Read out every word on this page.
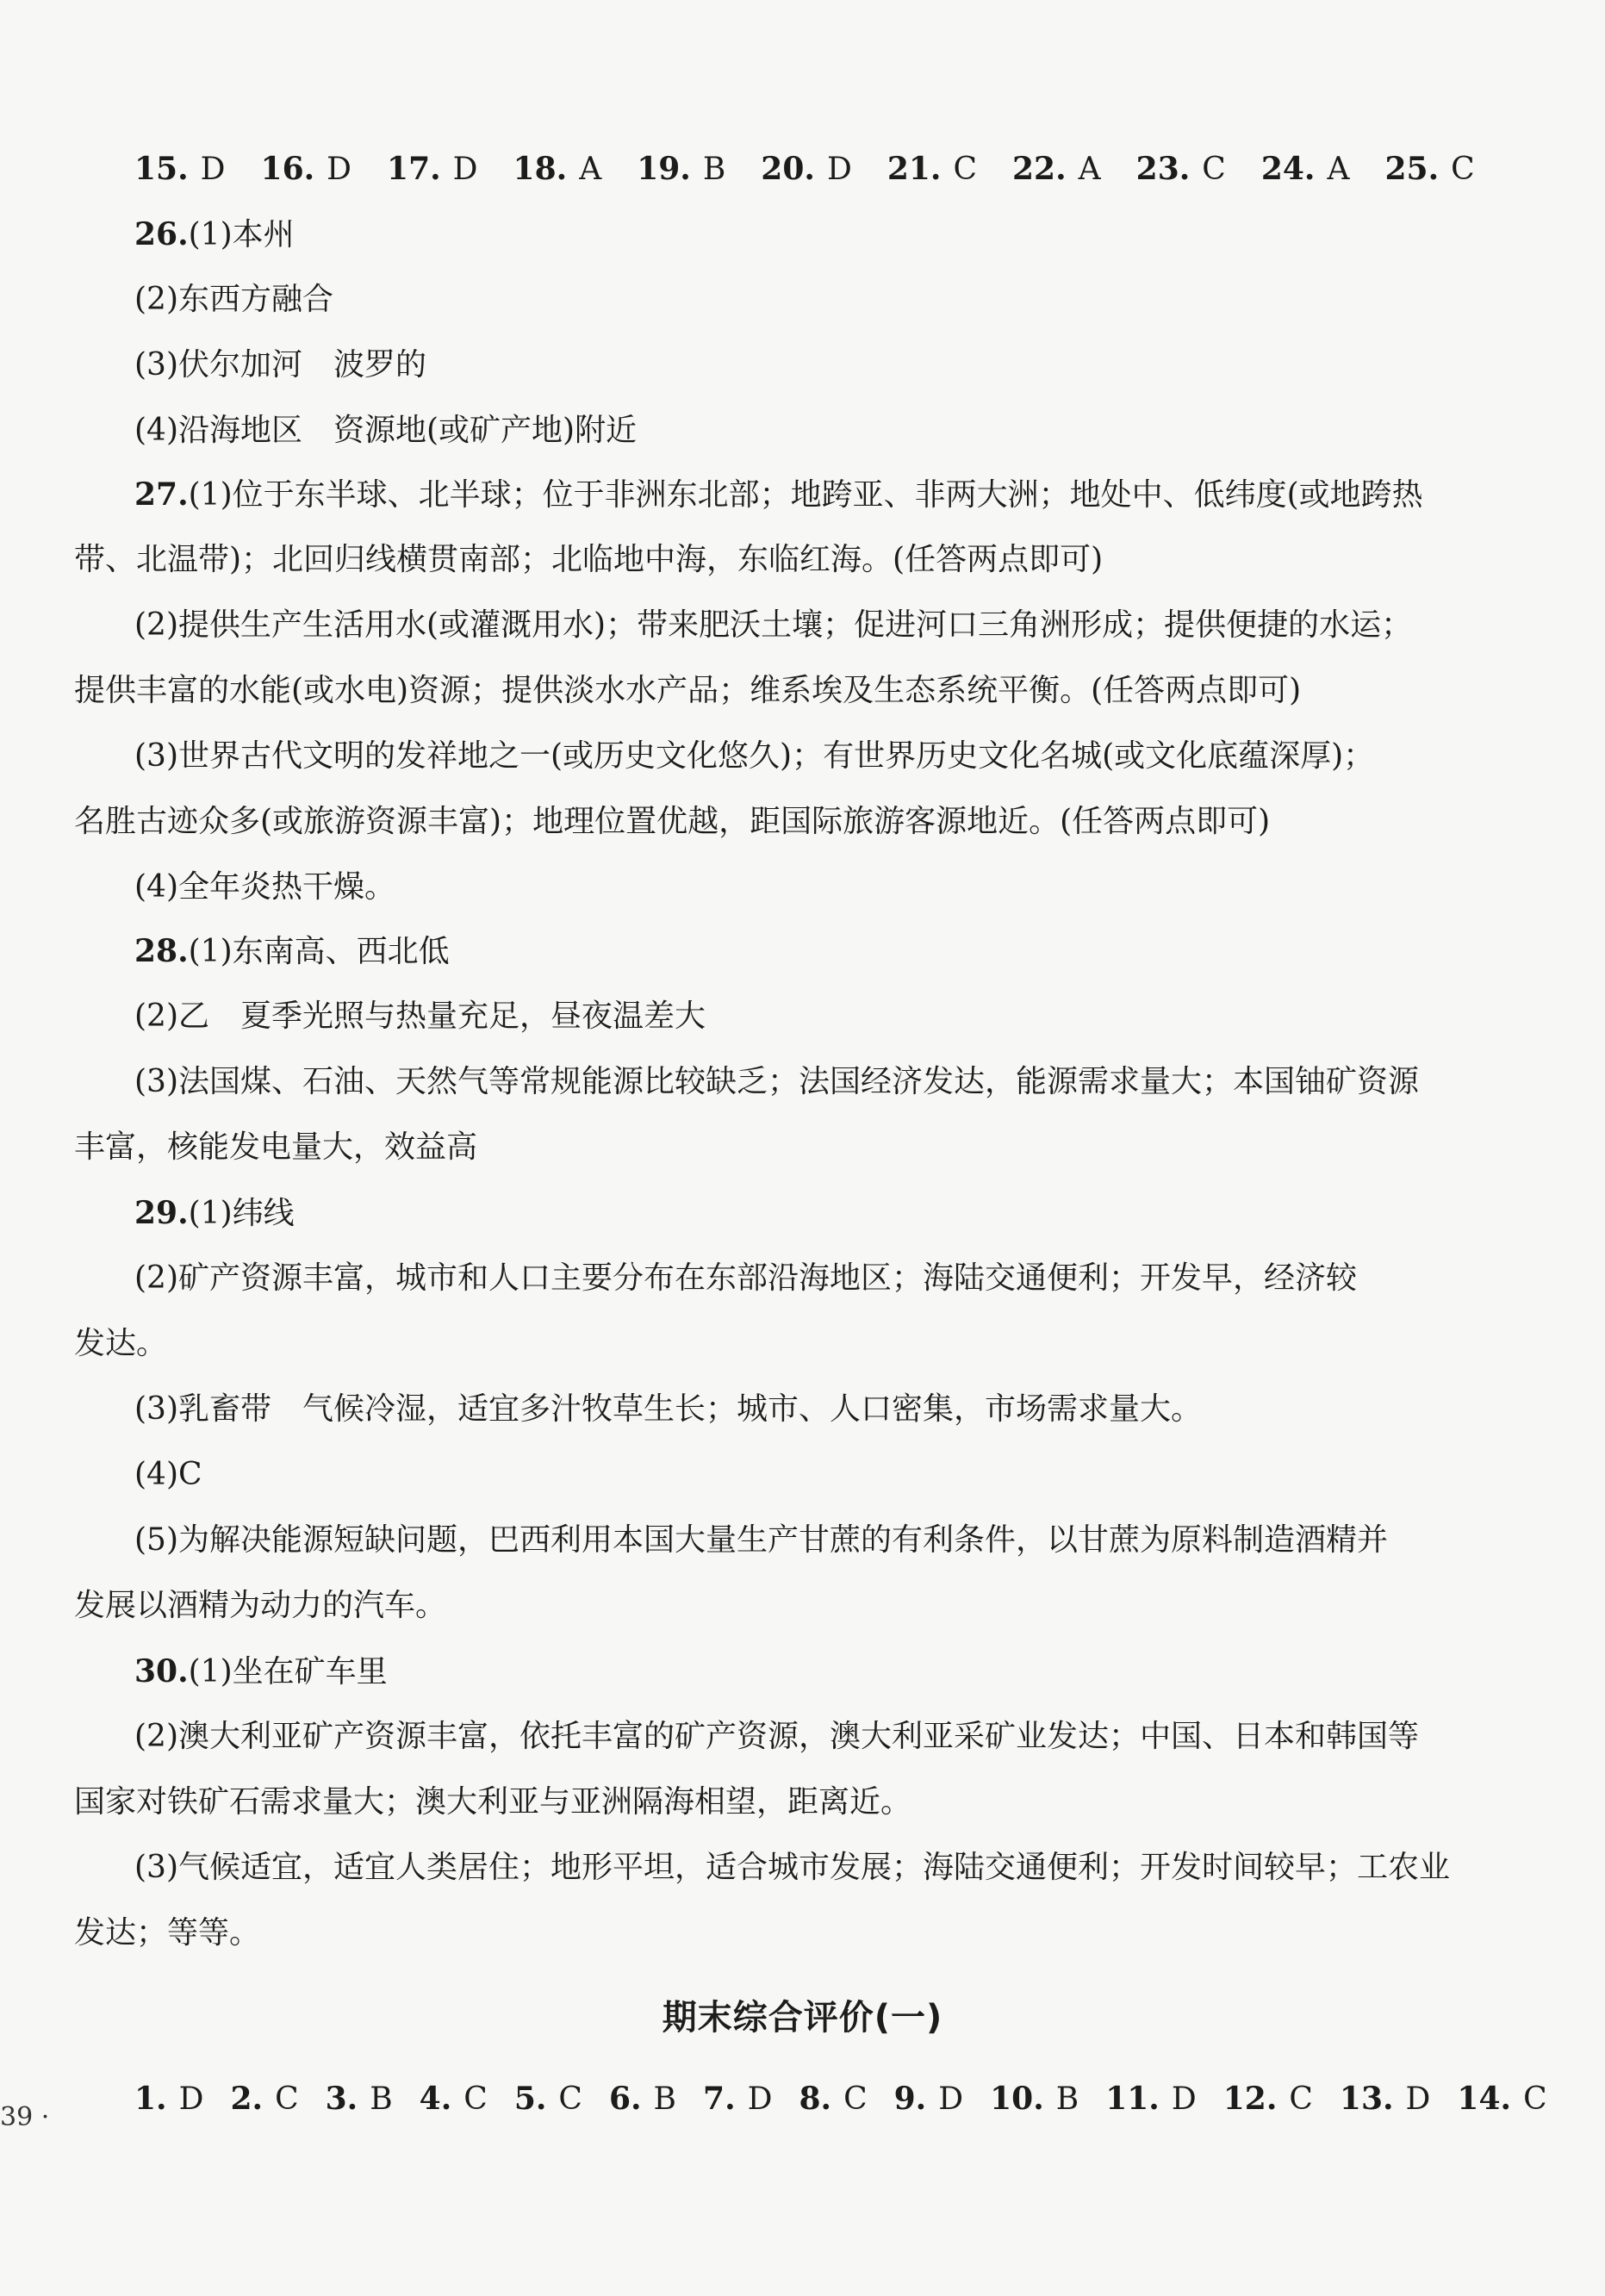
15. D 16. D 17. D 18. A 19. B 20. D 21. C 22. A 23. C 24. A 25. C
26.(1)本州
(2)东西方融合
(3)伏尔加河　波罗的
(4)沿海地区　资源地(或矿产地)附近
27.(1)位于东半球、北半球；位于非洲东北部；地跨亚、非两大洲；地处中、低纬度(或地跨热
带、北温带)；北回归线横贯南部；北临地中海，东临红海。(任答两点即可)
(2)提供生产生活用水(或灌溉用水)；带来肥沃土壤；促进河口三角洲形成；提供便捷的水运；
提供丰富的水能(或水电)资源；提供淡水水产品；维系埃及生态系统平衡。(任答两点即可)
(3)世界古代文明的发祥地之一(或历史文化悠久)；有世界历史文化名城(或文化底蕴深厚)；
名胜古迹众多(或旅游资源丰富)；地理位置优越，距国际旅游客源地近。(任答两点即可)
(4)全年炎热干燥。
28.(1)东南高、西北低
(2)乙　夏季光照与热量充足，昼夜温差大
(3)法国煤、石油、天然气等常规能源比较缺乏；法国经济发达，能源需求量大；本国铀矿资源
丰富，核能发电量大，效益高
29.(1)纬线
(2)矿产资源丰富，城市和人口主要分布在东部沿海地区；海陆交通便利；开发早，经济较
发达。
(3)乳畜带　气候冷湿，适宜多汁牧草生长；城市、人口密集，市场需求量大。
(4)C
(5)为解决能源短缺问题，巴西利用本国大量生产甘蔗的有利条件，以甘蔗为原料制造酒精并
发展以酒精为动力的汽车。
30.(1)坐在矿车里
(2)澳大利亚矿产资源丰富，依托丰富的矿产资源，澳大利亚采矿业发达；中国、日本和韩国等
国家对铁矿石需求量大；澳大利亚与亚洲隔海相望，距离近。
(3)气候适宜，适宜人类居住；地形平坦，适合城市发展；海陆交通便利；开发时间较早；工农业
发达；等等。
期末综合评价(一)
1. D 2. C 3. B 4. C 5. C 6. B 7. D 8. C 9. D 10. B 11. D 12. C 13. D 14. C
39 ·
